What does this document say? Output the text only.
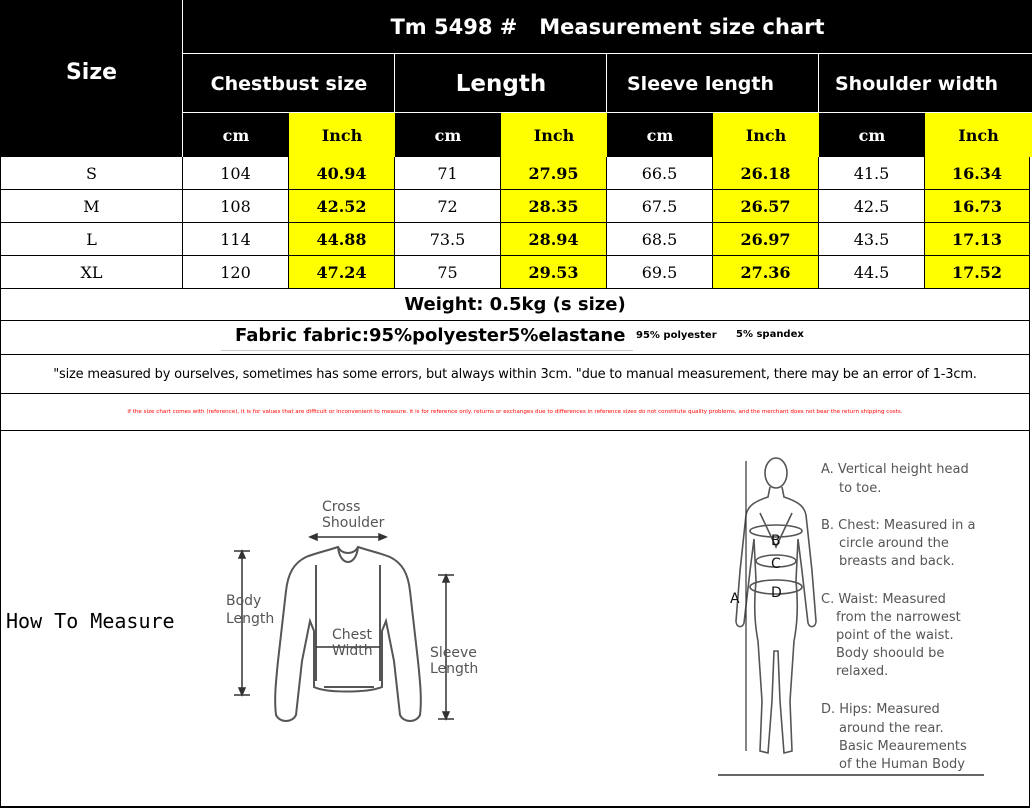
Size
Tm 5498 #   Measurement size chart
Chestbust size	Length	Sleeve length	Shoulder width
cm	Inch	cm	Inch	cm	Inch	cm	Inch
S	104	40.94	71	27.95	66.5	26.18	41.5	16.34
M	108	42.52	72	28.35	67.5	26.57	42.5	16.73
L	114	44.88	73.5	28.94	68.5	26.97	43.5	17.13
XL	120	47.24	75	29.53	69.5	27.36	44.5	17.52
Weight: 0.5kg (s size)
Fabric fabric:95%polyester5%elastane 95% polyester 5% spandex
"size measured by ourselves, sometimes has some errors, but always within 3cm. "due to manual measurement, there may be an error of 1-3cm.
if the size chart comes with (reference), it is for values that are difficult or inconvenient to measure. it is for reference only. returns or exchanges due to differences in reference sizes do not constitute quality problems, and the merchant does not bear the return shipping costs.
How To Measure
Cross
Shoulder
Body
Length
Chest
Width	Sleeve
Length
A
B
C
D
A. Vertical height head
to toe.
B. Chest: Measured in a
circle around the
breasts and back.
C. Waist: Measured
from the narrowest
point of the waist.
Body shoould be
relaxed.
D. Hips: Measured
around the rear.
Basic Meaurements
of the Human Body
